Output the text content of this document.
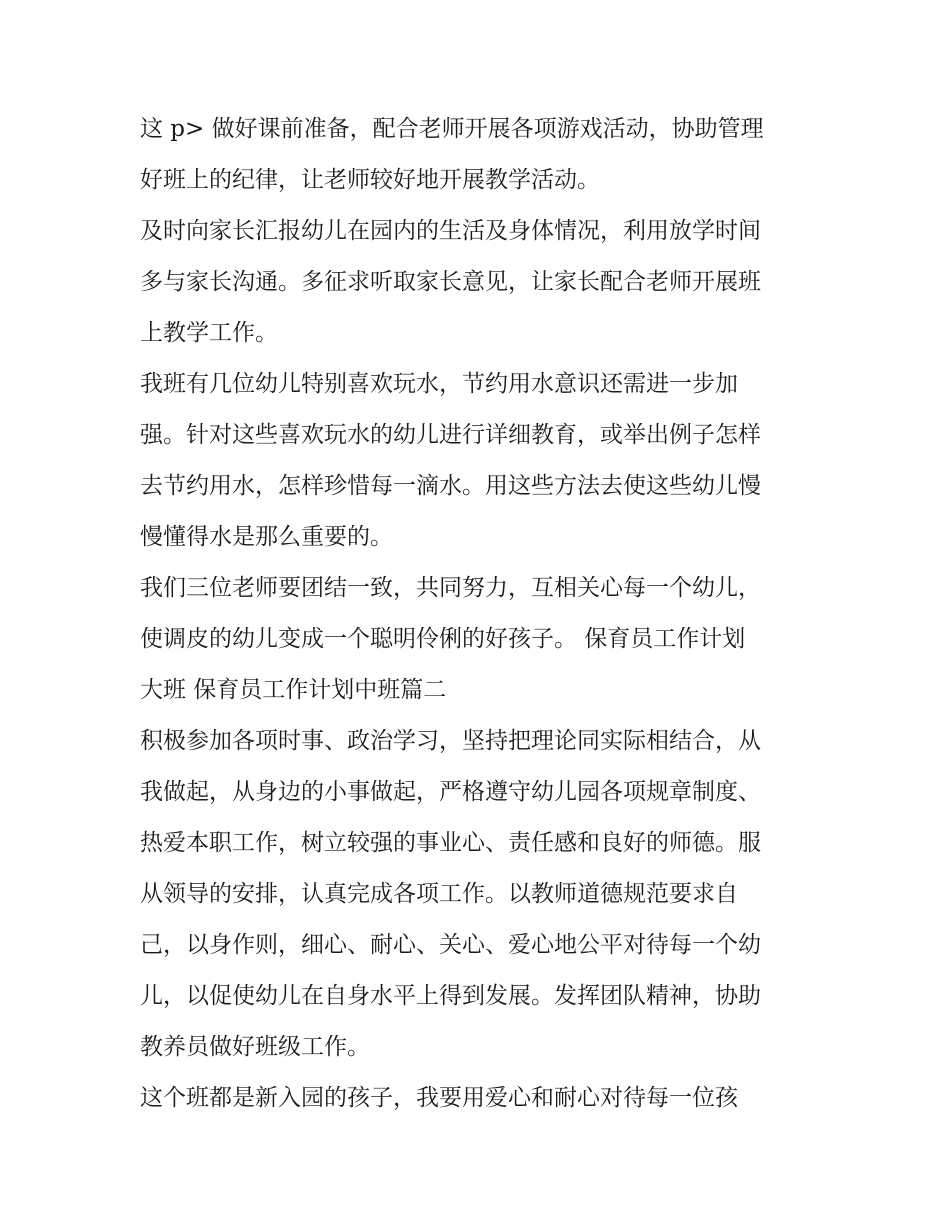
这 p> 做好课前准备，配合老师开展各项游戏活动，协助管理
好班上的纪律，让老师较好地开展教学活动。
及时向家长汇报幼儿在园内的生活及身体情况，利用放学时间
多与家长沟通。多征求听取家长意见，让家长配合老师开展班
上教学工作。
我班有几位幼儿特别喜欢玩水，节约用水意识还需进一步加
强。针对这些喜欢玩水的幼儿进行详细教育，或举出例子怎样
去节约用水，怎样珍惜每一滴水。用这些方法去使这些幼儿慢
慢懂得水是那么重要的。
我们三位老师要团结一致，共同努力，互相关心每一个幼儿，
使调皮的幼儿变成一个聪明伶俐的好孩子。 保育员工作计划
大班 保育员工作计划中班篇二
积极参加各项时事、政治学习，坚持把理论同实际相结合，从
我做起，从身边的小事做起，严格遵守幼儿园各项规章制度、
热爱本职工作，树立较强的事业心、责任感和良好的师德。服
从领导的安排，认真完成各项工作。以教师道德规范要求自
己，以身作则，细心、耐心、关心、爱心地公平对待每一个幼
儿，以促使幼儿在自身水平上得到发展。发挥团队精神，协助
教养员做好班级工作。
这个班都是新入园的孩子，我要用爱心和耐心对待每一位孩
